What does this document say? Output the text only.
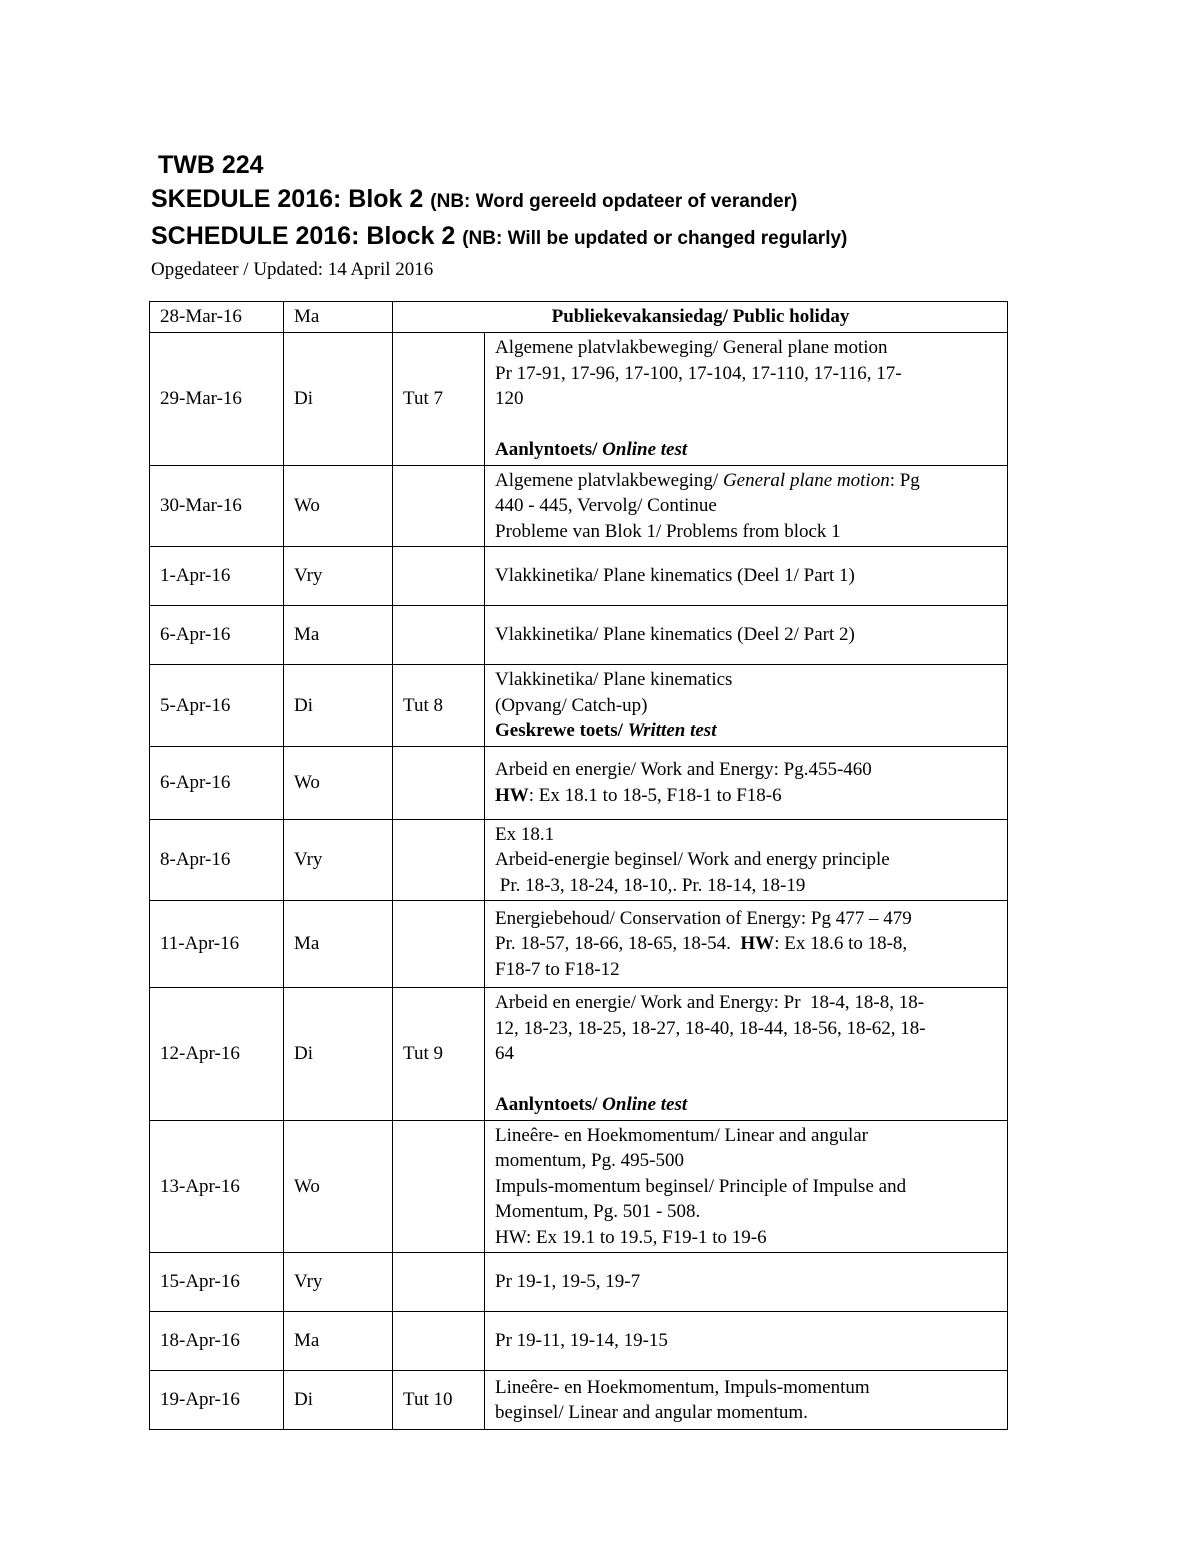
TWB 224
SKEDULE 2016: Blok 2 (NB: Word gereeld opdateer of verander)
SCHEDULE 2016: Block 2 (NB: Will be updated or changed regularly)
Opgedateer / Updated: 14 April 2016
28-Mar-16	Ma	Publiekevakansiedag/ Public holiday	
29-Mar-16	Di	Tut 7	Algemene platvlakbeweging/ General plane motion
Pr 17-91, 17-96, 17-100, 17-104, 17-110, 17-116, 17-
120
Aanlyntoets/ Online test

30-Mar-16	Wo		Algemene platvlakbeweging/ General plane motion: Pg
440 - 445, Vervolg/ Continue
Probleme van Blok 1/ Problems from block 1

1-Apr-16	Vry		Vlakkinetika/ Plane kinematics (Deel 1/ Part 1)
6-Apr-16	Ma		Vlakkinetika/ Plane kinematics (Deel 2/ Part 2)
5-Apr-16	Di	Tut 8	Vlakkinetika/ Plane kinematics
(Opvang/ Catch-up)
Geskrewe toets/ Written test

6-Apr-16	Wo		Arbeid en energie/ Work and Energy: Pg.455-460
HW: Ex 18.1 to 18-5, F18-1 to F18-6

8-Apr-16	Vry		Ex 18.1
Arbeid-energie beginsel/ Work and energy principle
Pr. 18-3, 18-24, 18-10,. Pr. 18-14, 18-19

11-Apr-16	Ma		Energiebehoud/ Conservation of Energy: Pg 477 – 479
Pr. 18-57, 18-66, 18-65, 18-54.  HW: Ex 18.6 to 18-8,
F18-7 to F18-12

12-Apr-16	Di	Tut 9	Arbeid en energie/ Work and Energy: Pr  18-4, 18-8, 18-
12, 18-23, 18-25, 18-27, 18-40, 18-44, 18-56, 18-62, 18-
64
Aanlyntoets/ Online test

13-Apr-16	Wo		Lineêre- en Hoekmomentum/ Linear and angular
momentum, Pg. 495-500
Impuls-momentum beginsel/ Principle of Impulse and
Momentum, Pg. 501 - 508.
HW: Ex 19.1 to 19.5, F19-1 to 19-6

15-Apr-16	Vry		Pr 19-1, 19-5, 19-7
18-Apr-16	Ma		Pr 19-11, 19-14, 19-15
19-Apr-16	Di	Tut 10	Lineêre- en Hoekmomentum, Impuls-momentum
beginsel/ Linear and angular momentum.
